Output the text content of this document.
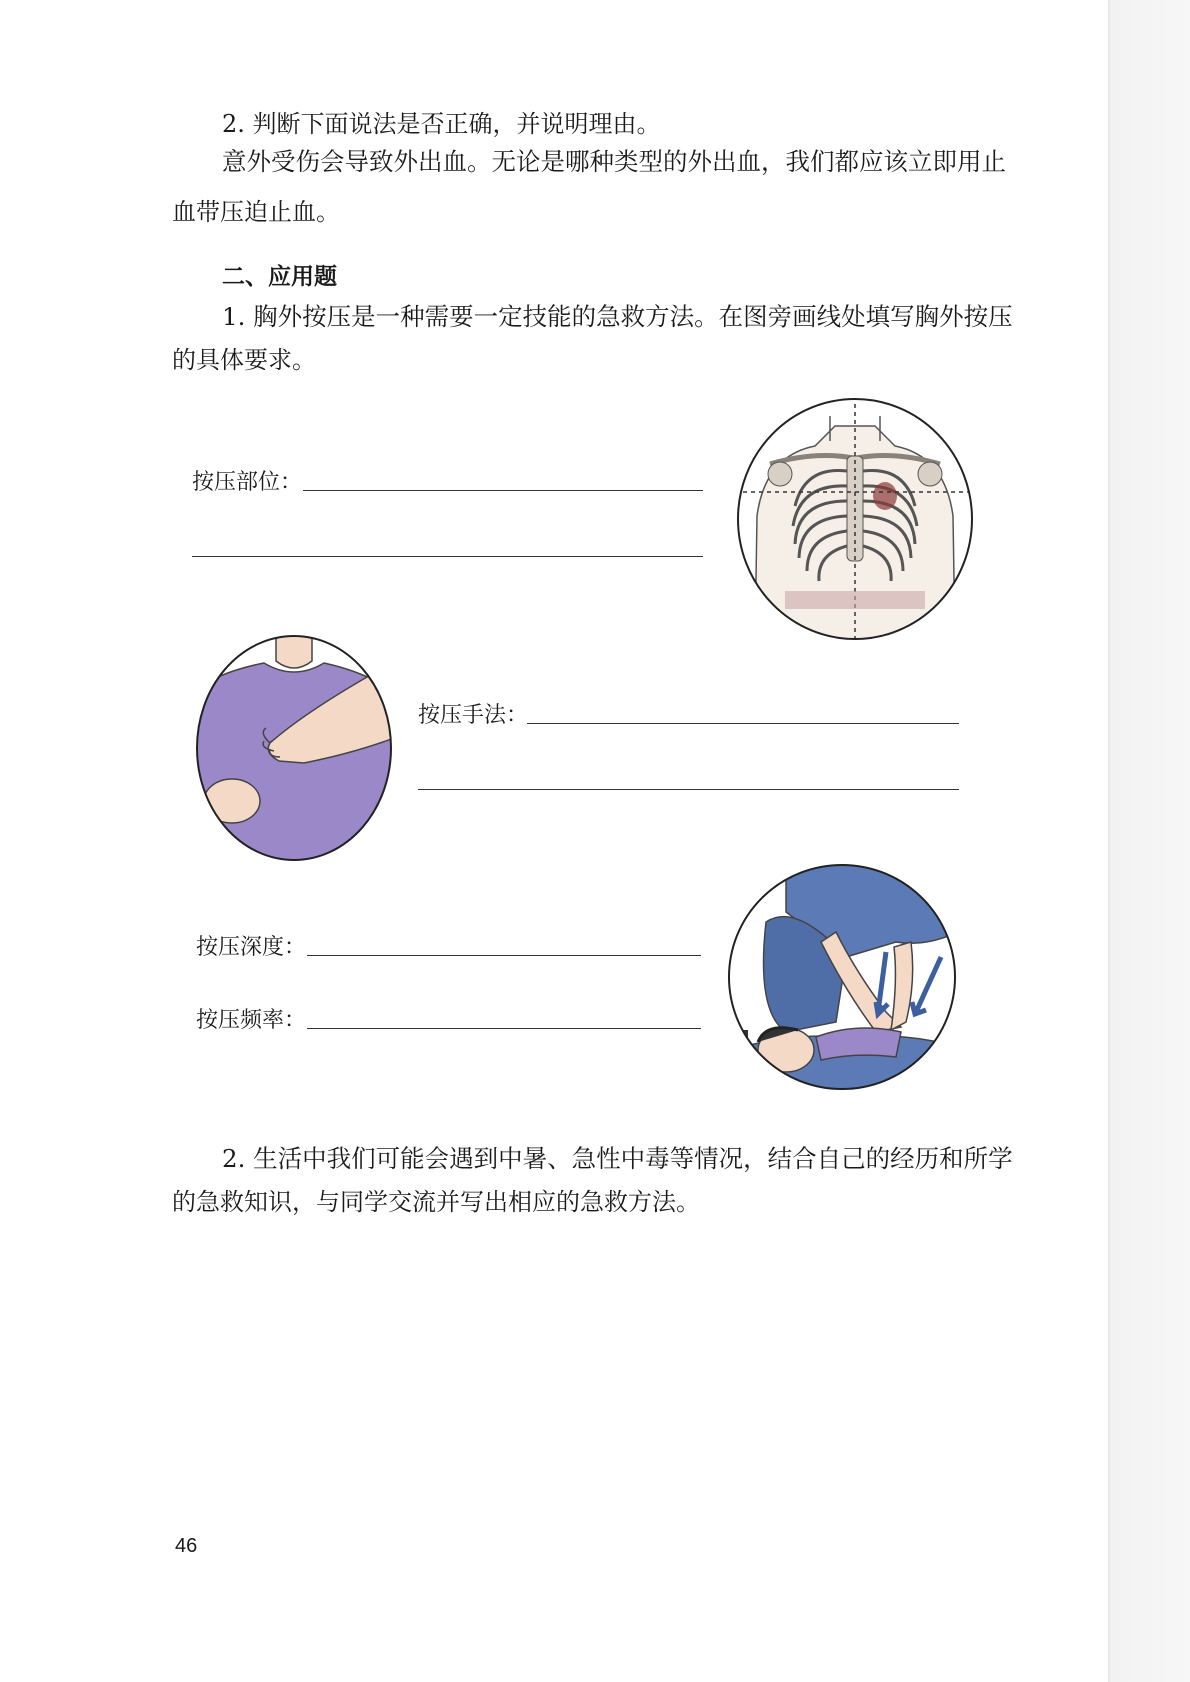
2. 判断下面说法是否正确，并说明理由。
意外受伤会导致外出血。无论是哪种类型的外出血，我们都应该立即用止
血带压迫止血。
二、应用题
1. 胸外按压是一种需要一定技能的急救方法。在图旁画线处填写胸外按压
的具体要求。
按压部位：
按压手法：
按压深度：
按压频率：
2. 生活中我们可能会遇到中暑、急性中毒等情况，结合自己的经历和所学
的急救知识，与同学交流并写出相应的急救方法。
46
